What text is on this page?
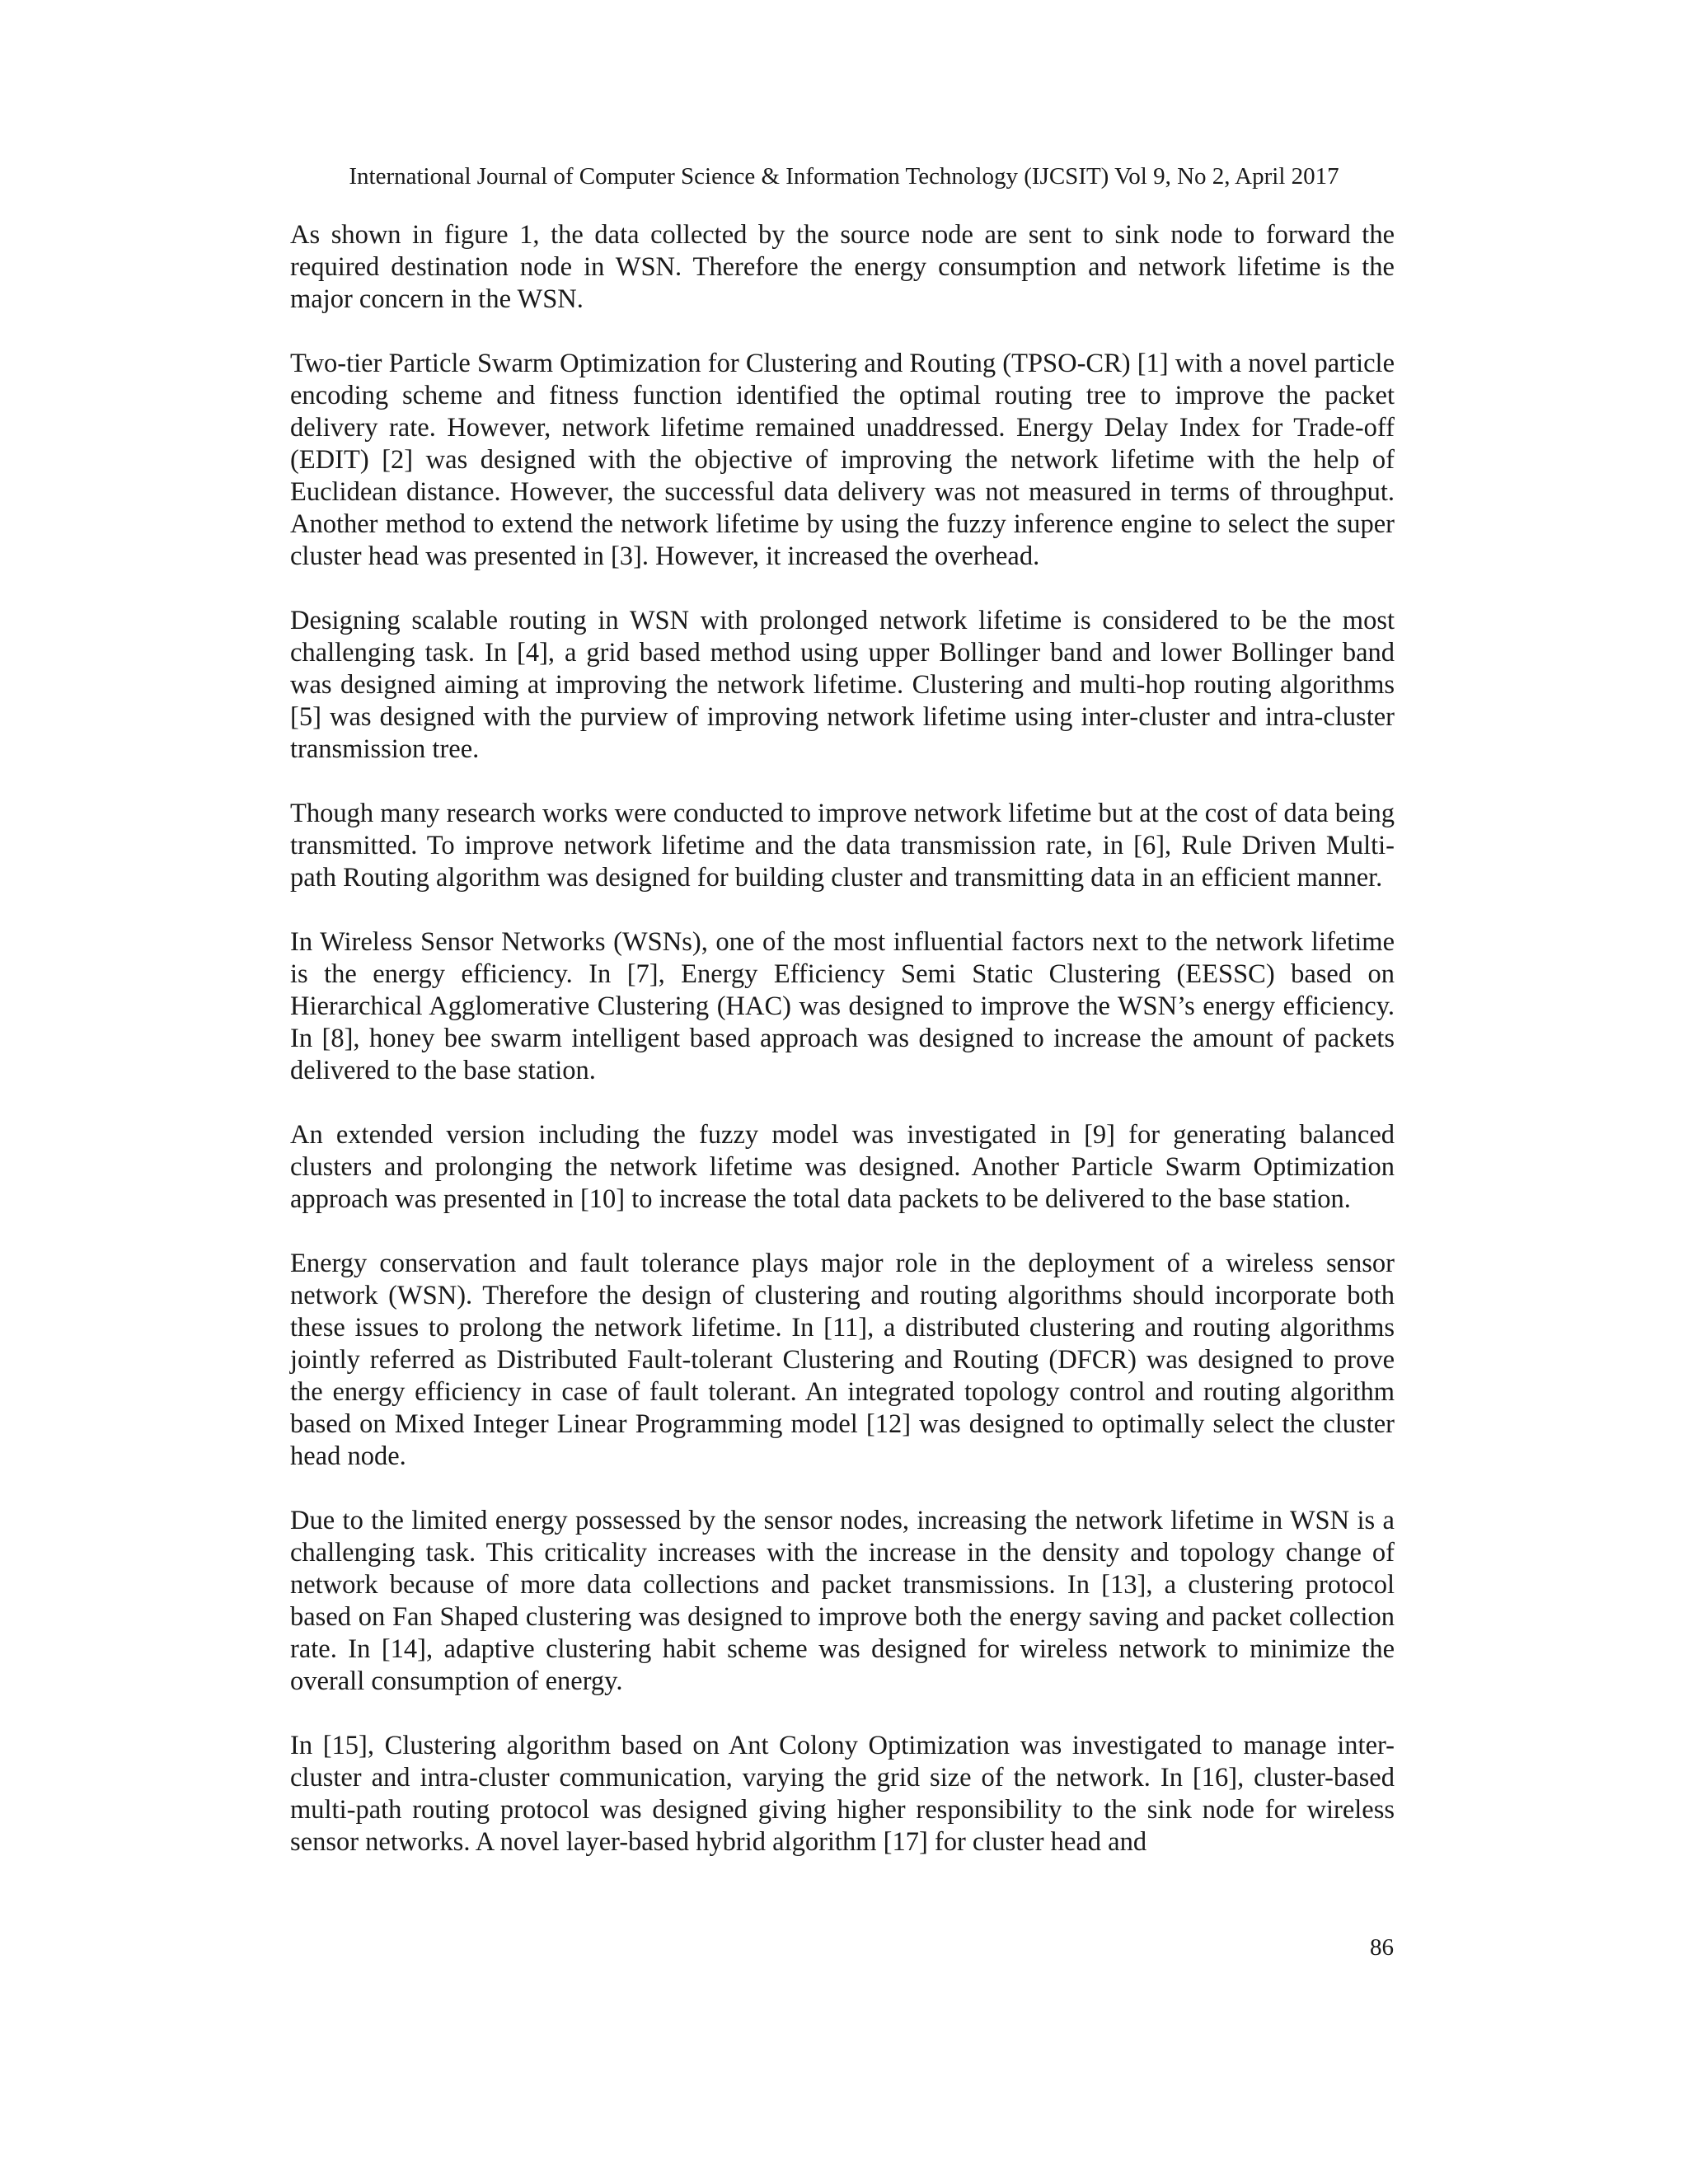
International Journal of Computer Science & Information Technology (IJCSIT) Vol 9, No 2, April 2017

As shown in figure 1, the data collected by the source node are sent to sink node to forward the required destination node in WSN. Therefore the energy consumption and network lifetime is the major concern in the WSN.

Two-tier Particle Swarm Optimization for Clustering and Routing (TPSO-CR) [1] with a novel particle encoding scheme and fitness function identified the optimal routing tree to improve the packet delivery rate. However, network lifetime remained unaddressed. Energy Delay Index for Trade-off (EDIT) [2] was designed with the objective of improving the network lifetime with the help of Euclidean distance. However, the successful data delivery was not measured in terms of throughput. Another method to extend the network lifetime by using the fuzzy inference engine to select the super cluster head was presented in [3]. However, it increased the overhead.

Designing scalable routing in WSN with prolonged network lifetime is considered to be the most challenging task. In [4], a grid based method using upper Bollinger band and lower Bollinger band was designed aiming at improving the network lifetime. Clustering and multi-hop routing algorithms [5] was designed with the purview of improving network lifetime using inter-cluster and intra-cluster transmission tree.

Though many research works were conducted to improve network lifetime but at the cost of data being transmitted. To improve network lifetime and the data transmission rate, in [6], Rule Driven Multi-path Routing algorithm was designed for building cluster and transmitting data in an efficient manner.

In Wireless Sensor Networks (WSNs), one of the most influential factors next to the network lifetime is the energy efficiency. In [7], Energy Efficiency Semi Static Clustering (EESSC) based on Hierarchical Agglomerative Clustering (HAC) was designed to improve the WSN’s energy efficiency. In [8], honey bee swarm intelligent based approach was designed to increase the amount of packets delivered to the base station.

An extended version including the fuzzy model was investigated in [9] for generating balanced clusters and prolonging the network lifetime was designed. Another Particle Swarm Optimization approach was presented in [10] to increase the total data packets to be delivered to the base station.

Energy conservation and fault tolerance plays major role in the deployment of a wireless sensor network (WSN). Therefore the design of clustering and routing algorithms should incorporate both these issues to prolong the network lifetime. In [11], a distributed clustering and routing algorithms jointly referred as Distributed Fault-tolerant Clustering and Routing (DFCR) was designed to prove the energy efficiency in case of fault tolerant. An integrated topology control and routing algorithm based on Mixed Integer Linear Programming model [12] was designed to optimally select the cluster head node.

Due to the limited energy possessed by the sensor nodes, increasing the network lifetime in WSN is a challenging task. This criticality increases with the increase in the density and topology change of network because of more data collections and packet transmissions. In [13], a clustering protocol based on Fan Shaped clustering was designed to improve both the energy saving and packet collection rate. In [14], adaptive clustering habit scheme was designed for wireless network to minimize the overall consumption of energy.

In [15], Clustering algorithm based on Ant Colony Optimization was investigated to manage inter-cluster and intra-cluster communication, varying the grid size of the network. In [16], cluster-based multi-path routing protocol was designed giving higher responsibility to the sink node for wireless sensor networks. A novel layer-based hybrid algorithm [17] for cluster head and

86
